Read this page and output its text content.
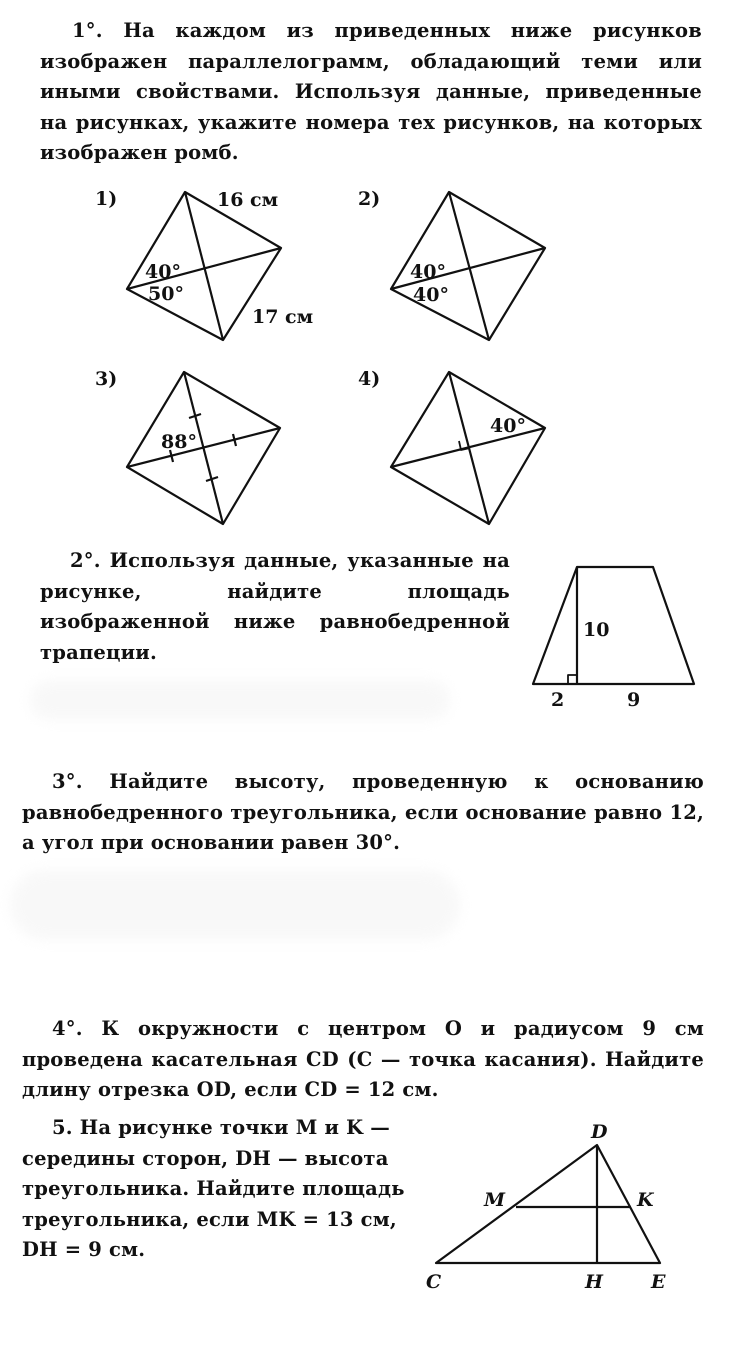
1°. На каждом из приведенных ниже рисунков изображен параллелограмм, обладающий теми или иными свойствами. Используя данные, приведенные на рисунках, укажите номера тех рисунков, на которых изображен ромб.
1)	2)
3)	4)
16 см
17 см
40°
50°
40°
40°
88°
40°
10
2	9
D
M	K
C	H	E
2°. Используя данные, указанные на рисунке, найдите площадь изображенной ниже равнобедренной трапеции.
3°. Найдите высоту, проведенную к основанию равнобедренного треугольника, если основание равно 12, а угол при основании равен 30°.
4°. К окружности с центром O и радиусом 9 см проведена касательная CD (C — точка касания). Найдите длину отрезка OD, если CD = 12 см.
5. На рисунке точки M и K — середины сторон, DH — высота треугольника. Найдите площадь треугольника, если MK = 13 см, DH = 9 см.
